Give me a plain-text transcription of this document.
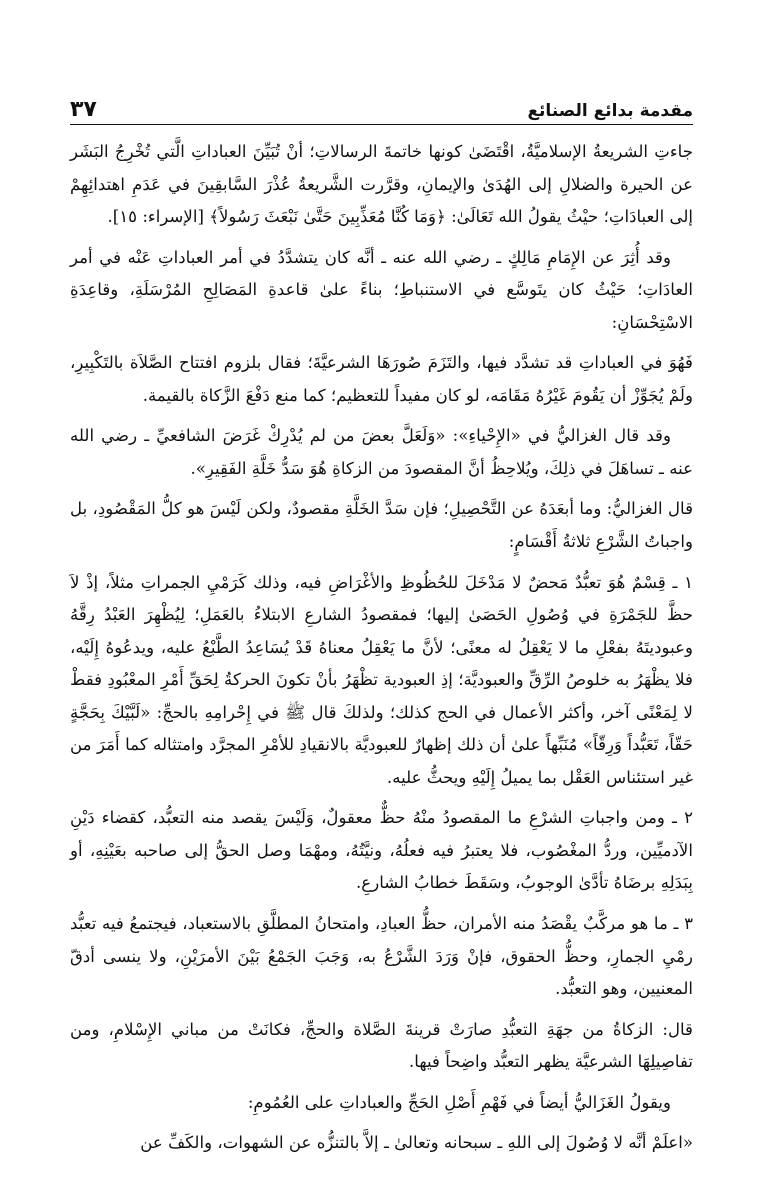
مقدمة بدائع الصنائع
٣٧

جاءتِ الشريعةُ الإسلاميَّةُ، اقْتَضَىٰ كونها خاتمةَ الرسالاتِ؛ أنْ تُبَيِّنَ العباداتِ الَّتي تُخْرِجُ البَشَر عن الحيرة والضلالِ إلى الهُدَىٰ والإيمانِ، وقرَّرت الشَّريعةُ عُذْرَ السَّابقِينَ في عَدَمِ اهتدائِهِمْ إلى العبادَاتِ؛ حيْثُ يقولُ الله تَعَالَىٰ: ﴿وَمَا كُنَّا مُعَذِّبِينَ حَتَّىٰ نَبْعَثَ رَسُولاً﴾ [الإسراء: ١٥].

وقد أُثِرَ عن الإِمَامِ مَالِكٍ ـ رضي الله عنه ـ أنَّه كان يتشدَّدُ في أمر العباداتِ عَنْه في أمر العادَاتِ؛ حَيْثُ كان يتَوسَّع في الاستنباطِ؛ بناءً علىٰ قاعدةِ المَصَالِحِ المُرْسَلَةِ، وقاعِدَةِ الاسْتِحْسَانِ:

فَهُوَ في العباداتِ قد تشدَّد فيها، والتَزَمَ صُورَهَا الشرعيَّةَ؛ فقال بلزوم افتتاح الصَّلاَة بالتَكْبِيرِ، ولَمْ يُجَوِّزْ أن يَقُومَ غَيْرُهُ مَقَامَه، لو كان مفيداً للتعظيم؛ كما منع دَفْعَ الزَّكاة بالقيمة.

وقد قال الغزاليُّ في «الإِحْياءِ»: «وَلَعَلَّ بعضَ من لم يُدْرِكْ غَرَضَ الشافعيِّ ـ رضي الله عنه ـ تساهَلَ في ذلِكَ، ويُلاحِظُ أنَّ المقصودَ من الزكاةِ هُوَ سَدُّ خَلَّةِ الفَقِيرِ».

قال الغزاليُّ: وما أبعَدَهُ عن التَّحْصِيلِ؛ فإن سَدَّ الخَلَّةِ مقصودٌ، ولكن لَيْسَ هو كلُّ المَقْصُودِ، بل واجباتُ الشَّرْعِ ثلاثةُ أَقْسَامٍ:

١ ـ قِسْمٌ هُوَ تعبُّدٌ مَحضٌ لا مَدْخَلَ للحُظُوظِ والأغْرَاضِ فيه، وذلك كَرَمْيِ الجمراتِ مثلاً، إذْ لاَ حظَّ للجَمْرَةِ في وُصُولِ الحَصَىٰ إليها؛ فمقصودُ الشارعِ الابتلاءُ بالعَمَلِ؛ لِيُظْهِرَ العَبْدُ رِقَّهُ وعبوديتَهُ بفعْلِ ما لا يَعْقِلُ له معنًى؛ لأنَّ ما يَعْقِلُ معناهُ قَدْ يُسَاعِدُ الطَّبْعُ عليه، ويدعُوهُ إِلَيْه، فلا يظْهَرُ به خلوصُ الرِّقِّ والعبوديَّة؛ إذِ العبودية تظْهَرُ بأنْ تكونَ الحركةُ لِحَقِّ أَمْرِ المعْبُودِ فقطْ لا لِمَعْنًى آخر، وأكثر الأعمال في الحج كذلك؛ ولذلكَ قال ﷺ في إِحْرامِهِ بالحجِّ: «لَبَّيْكَ بِحَجَّةٍ حَقّاً، تَعَبُّداً وَرِقّاً» مُنَبِّهاً علىٰ أن ذلك إظهارٌ للعبوديَّة بالانقيادِ للأمْرِ المجرَّد وامتثاله كما أَمَرَ من غير استئناس العَقْل بما يميلُ إِلَيْهِ ويحثُّ عليه.

٢ ـ ومن واجباتِ الشرْعِ ما المقصودُ منْهُ حظٌّ معقولٌ، وَلَيْسَ يقصد منه التعبُّد، كقضاء دَيْنِ الآدميِّين، وردُّ المغْصُوب، فلا يعتبرُ فيه فعلُهُ، ونيَّتُهُ، ومهْمَا وصل الحقُّ إلى صاحبه بعَيْنِهِ، أو بِبَدَلِهِ برضَاهُ تأدَّىٰ الوجوبُ، وسَقَطَ خطابُ الشارعِ.

٣ ـ ما هو مركَّبٌ يقْصَدُ منه الأمران، حظُّ العبادِ، وامتحانُ المطلَّقِ بالاستعباد، فيجتمعُ فيه تعبُّد رمْيِ الجمارِ، وحظُّ الحقوق، فإنْ وَرَدَ الشَّرْعُ به، وَجَبَ الجَمْعُ بَيْنَ الأمرَيْنِ، ولا ينسى أدقّ المعنيين، وهو التعبُّد.

قال: الزكاةُ من جهَةِ التعبُّدِ صارَتْ قرينةَ الصَّلاة والحجِّ، فكانَتْ من مباني الإِسْلامِ، ومن تفاصِيلِهَا الشرعيَّة يظهر التعبُّد واضِحاً فيها.

ويقولُ الغَزَاليُّ أيضاً في فَهْمِ أَصْلِ الحَجِّ والعباداتِ على العُمُومِ:

«اعلَمْ أنَّه لا وُصُولَ إلى اللهِ ـ سبحانه وتعالىٰ ـ إلاَّ بالتنزُّه عن الشهوات، والكَفِّ عن
